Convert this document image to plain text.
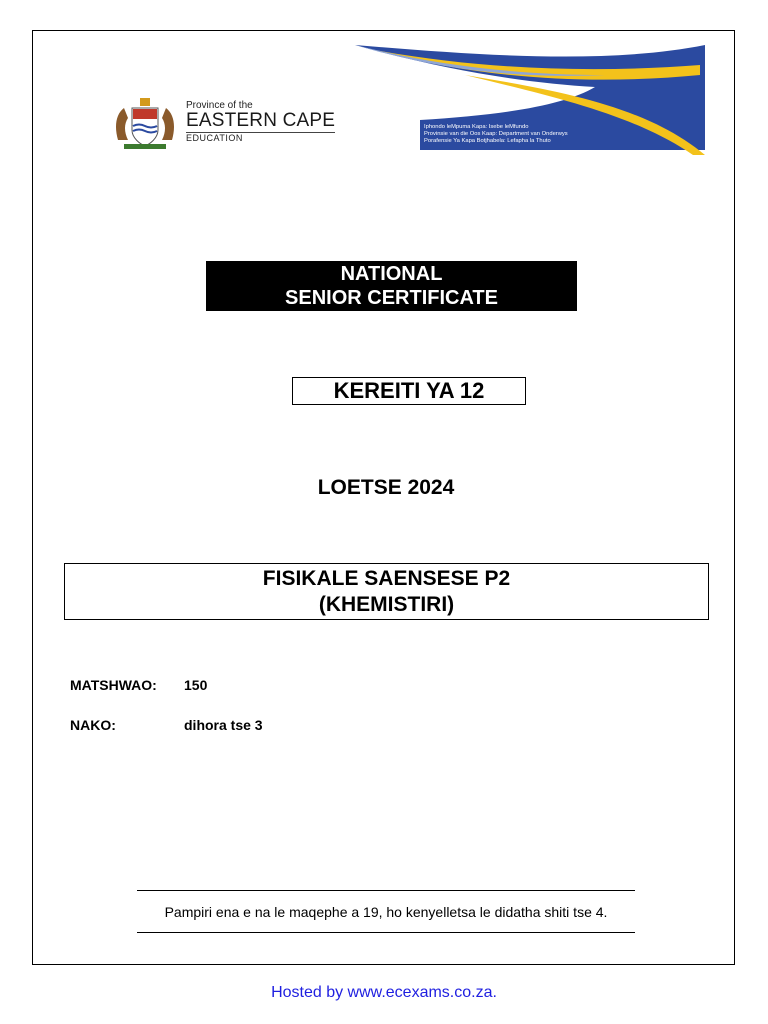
Iphondo leMpuma Kapa: Isebe leMfundo
Provinsie van die Oos Kaap: Department van Onderwys
Porafensie Ya Kapa Botjhabela: Lefapha la Thuto
Province of the
EASTERN CAPE
EDUCATION
NATIONAL
SENIOR CERTIFICATE
KEREITI YA 12
LOETSE 2024
FISIKALE SAENSESE P2
(KHEMISTIRI)
MATSHWAO: 150
NAKO:	dihora tse 3
Pampiri ena e na le maqephe a 19, ho kenyelletsa le didatha shiti tse 4.
Hosted by www.ecexams.co.za.
